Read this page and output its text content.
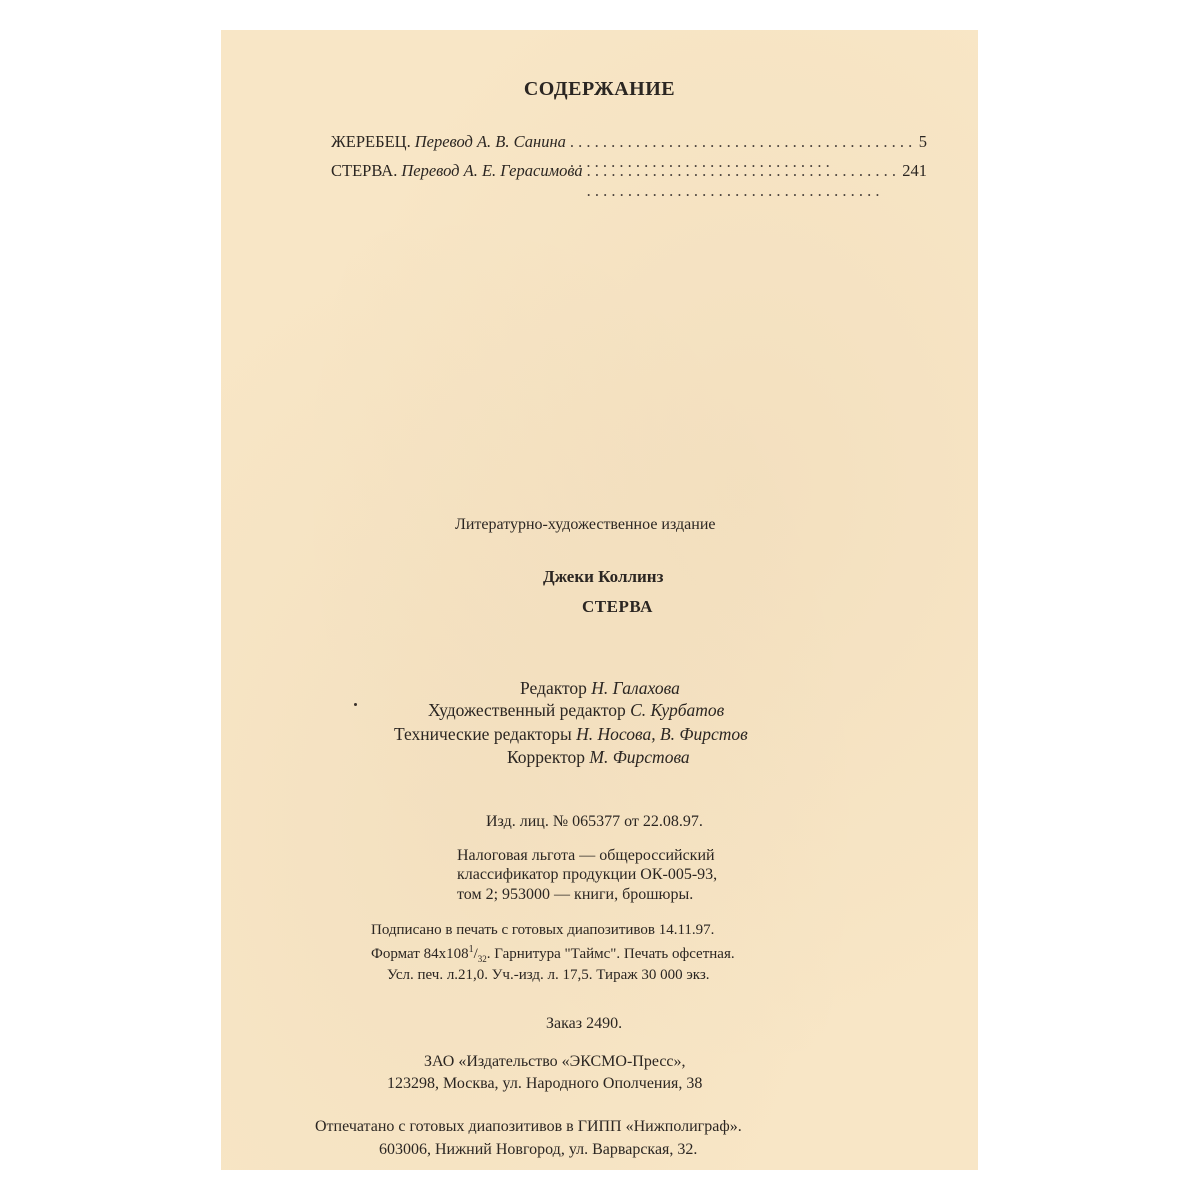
СОДЕРЖАНИЕ
ЖЕРЕБЕЦ. Перевод А. В. Санина . . .	5
СТЕРВА. Перевод А. Е. Герасимова . . .	241
Литературно-художественное издание
Джеки Коллинз
СТЕРВА
Редактор Н. Галахова
Художественный редактор С. Курбатов
Технические редакторы Н. Носова, В. Фирстов
Корректор М. Фирстова
Изд. лиц. № 065377 от 22.08.97.
Налоговая льгота — общероссийский
классификатор продукции ОК-005-93,
том 2; 953000 — книги, брошюры.
Подписано в печать с готовых диапозитивов 14.11.97.
Формат $84х108^1/_{32}$. Гарнитура "Таймс". Печать офсетная.
Усл. печ. л.21,0. Уч.-изд. л. 17,5. Тираж 30 000 экз.
Заказ 2490.
ЗАО «Издательство «ЭКСМО-Пресс»,
123298, Москва, ул. Народного Ополчения, 38
Отпечатано с готовых диапозитивов в ГИПП «Нижполиграф».
603006, Нижний Новгород, ул. Варварская, 32.
